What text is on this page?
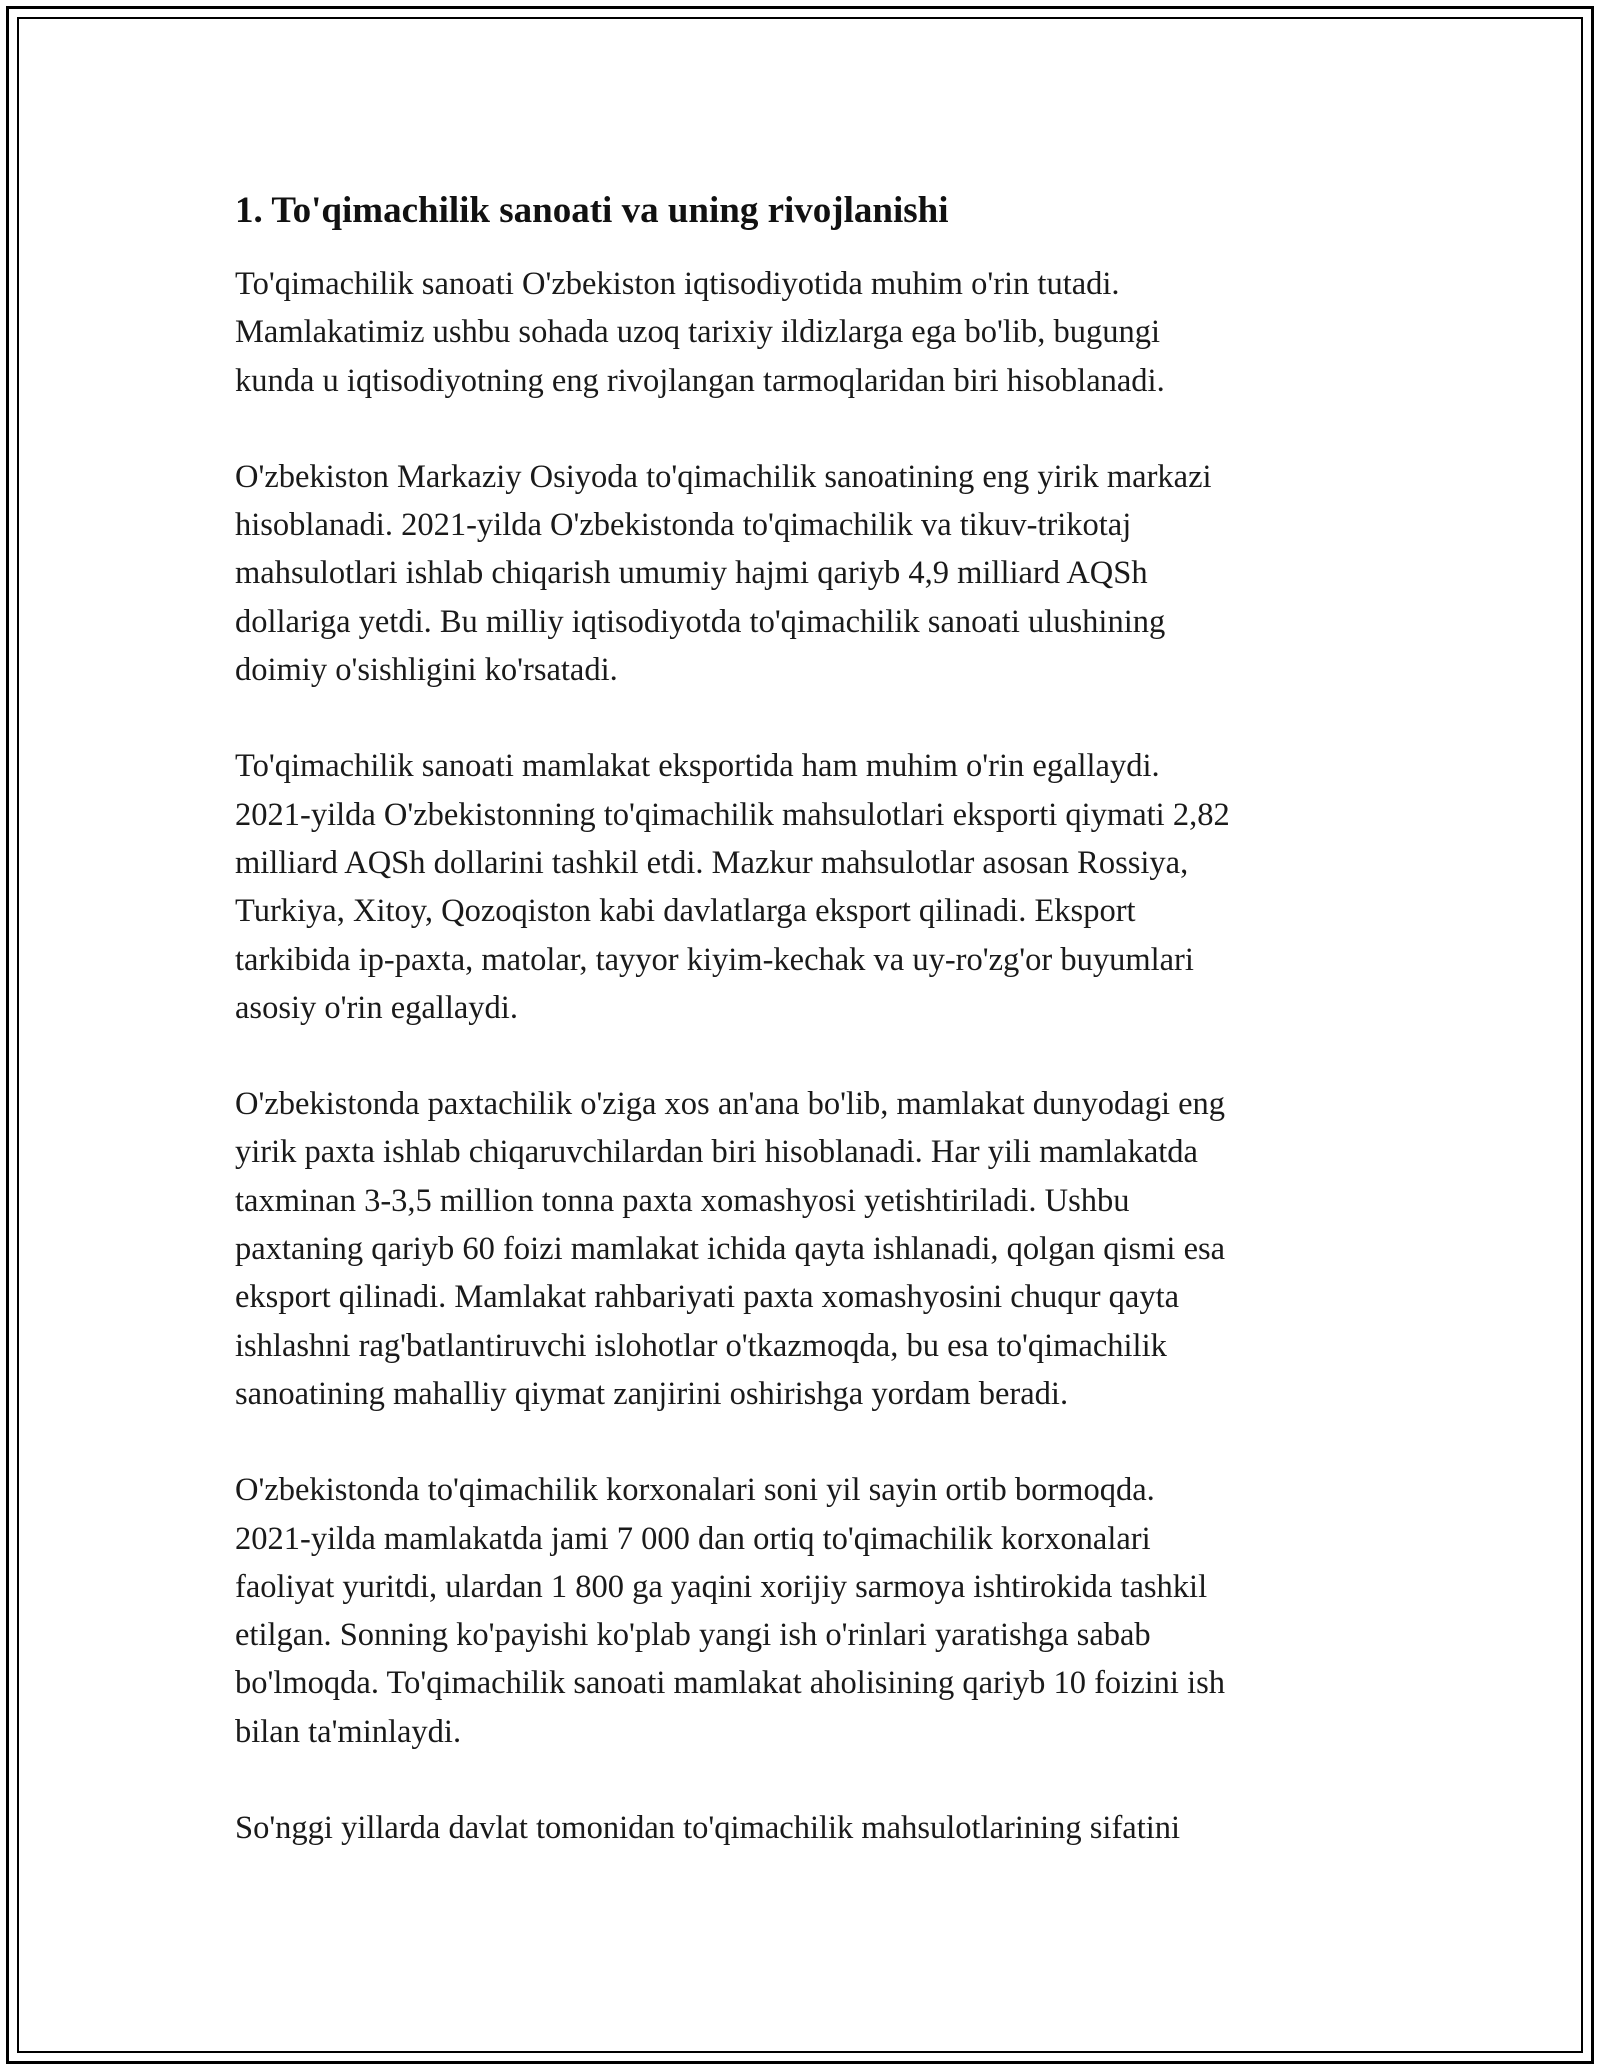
1. To'qimachilik sanoati va uning rivojlanishi

To'qimachilik sanoati O'zbekiston iqtisodiyotida muhim o'rin tutadi.
Mamlakatimiz ushbu sohada uzoq tarixiy ildizlarga ega bo'lib, bugungi
kunda u iqtisodiyotning eng rivojlangan tarmoqlaridan biri hisoblanadi.

O'zbekiston Markaziy Osiyoda to'qimachilik sanoatining eng yirik markazi
hisoblanadi. 2021-yilda O'zbekistonda to'qimachilik va tikuv-trikotaj
mahsulotlari ishlab chiqarish umumiy hajmi qariyb 4,9 milliard AQSh
dollariga yetdi. Bu milliy iqtisodiyotda to'qimachilik sanoati ulushining
doimiy o'sishligini ko'rsatadi.

To'qimachilik sanoati mamlakat eksportida ham muhim o'rin egallaydi.
2021-yilda O'zbekistonning to'qimachilik mahsulotlari eksporti qiymati 2,82
milliard AQSh dollarini tashkil etdi. Mazkur mahsulotlar asosan Rossiya,
Turkiya, Xitoy, Qozoqiston kabi davlatlarga eksport qilinadi. Eksport
tarkibida ip-paxta, matolar, tayyor kiyim-kechak va uy-ro'zg'or buyumlari
asosiy o'rin egallaydi.

O'zbekistonda paxtachilik o'ziga xos an'ana bo'lib, mamlakat dunyodagi eng
yirik paxta ishlab chiqaruvchilardan biri hisoblanadi. Har yili mamlakatda
taxminan 3-3,5 million tonna paxta xomashyosi yetishtiriladi. Ushbu
paxtaning qariyb 60 foizi mamlakat ichida qayta ishlanadi, qolgan qismi esa
eksport qilinadi. Mamlakat rahbariyati paxta xomashyosini chuqur qayta
ishlashni rag'batlantiruvchi islohotlar o'tkazmoqda, bu esa to'qimachilik
sanoatining mahalliy qiymat zanjirini oshirishga yordam beradi.

O'zbekistonda to'qimachilik korxonalari soni yil sayin ortib bormoqda.
2021-yilda mamlakatda jami 7 000 dan ortiq to'qimachilik korxonalari
faoliyat yuritdi, ulardan 1 800 ga yaqini xorijiy sarmoya ishtirokida tashkil
etilgan. Sonning ko'payishi ko'plab yangi ish o'rinlari yaratishga sabab
bo'lmoqda. To'qimachilik sanoati mamlakat aholisining qariyb 10 foizini ish
bilan ta'minlaydi.

So'nggi yillarda davlat tomonidan to'qimachilik mahsulotlarining sifatini
